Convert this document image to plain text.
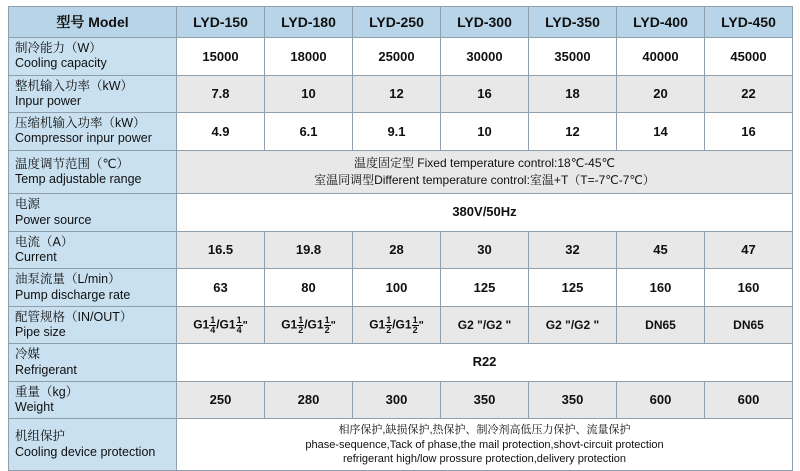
型号 Model	LYD-150	LYD-180	LYD-250	LYD-300	LYD-350	LYD-400	LYD-450

制冷能力（W）
Cooling capacity	15000	18000	25000	30000	35000	40000	45000

整机输入功率（kW）
Inpur power	7.8	10	12	16	18	20	22

压缩机输入功率（kW）
Compressor inpur power	4.9	6.1	9.1	10	12	14	16

温度调节范围（℃）
Temp adjustable range	温度固定型 Fixed temperature control:18℃-45℃
室温同调型Different temperature control:室温+T（T=-7℃-7℃）						

电源
Power source	380V/50Hz						

电流（A）
Current	16.5	19.8	28	30	32	45	47

油泵流量（L/min）
Pump discharge rate	63	80	100	125	125	160	160

配管规格（IN/OUT）
Pipe size
	$G1 \frac{1}{4} /G1 \frac{1}{4}$ "	$G1 \frac{1}{2} /G1 \frac{1}{2}$ "	$G1 \frac{1}{2} /G1 \frac{1}{2}$ "	G2 "/G2 "	G2 "/G2 "	DN65	DN65

冷媒
Refrigerant	R22						

重量（kg）
Weight	250	280	300	350	350	600	600

机组保护
Cooling device protection	相序保护,缺损保护,热保护、制冷剂高低压力保护、流量保护
phase-sequence,Tack of phase,the mail protection,shovt-circuit protection
refrigerant high/low prossure protection,delivery protection						
